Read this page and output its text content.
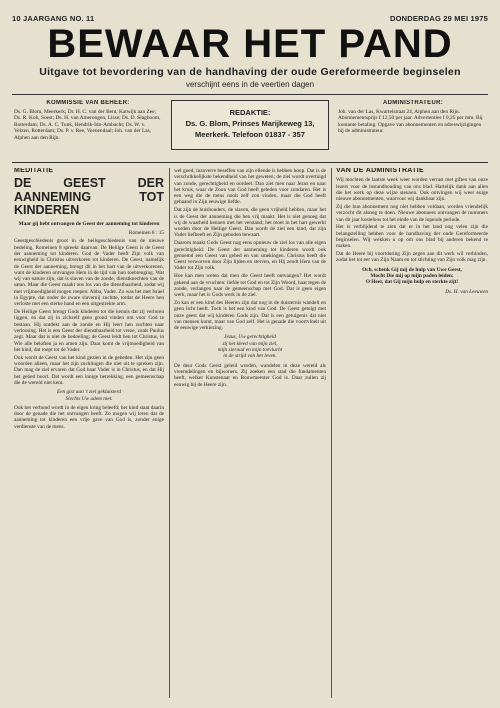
10 JAARGANG NO. 11	DONDERDAG 29 MEI 1975
BEWAAR HET PAND
Uitgave tot bevordering van de handhaving der oude Gereformeerde beginselen
verschijnt eens in de veertien dagen
KOMMISSIE VAN BEHEER:
Ds. G. Blom, Meerkerk; Dr. H. C. van der Bent, Katwijk aan Zee; Ds. R. Kok, Soest; Ds. H. van Amerongen, Lisse; Ds. D. Slagboom, Rotterdam; Ds. A. C. Tunk, Hendrik-Ido-Ambacht; Ds. W. v. Velzen, Rotterdam; Ds. P. v. Ree, Veenendaal; Joh. van der Las, Alphen aan den Rijn.
REDAKTIE:
Ds. G. Blom, Prinses Marijkeweg 13,
Meerkerk. Telefoon 01837 - 357
ADMINISTRATEUR:
Joh. van der Las, Kwartelstraat 24, Alphen aan den Rijn. Abonnementsprijs f 12,50 per jaar. Advertenties f 0,25 per mm. Bij kontante betaling. Opgave van abonnementen en adreswijzigingen bij de administrateur.
MEDITATIE
DE GEEST DER AANNEMING TOT KINDEREN
Maar gij hebt ontvangen de Geest der aanneming tot kinderen
Romeinen 8 : 15

Geestgeschiedenis groot in de heilsgeschiedenis van de nieuwe bedeling. Romeinen 8 spreekt daarvan. De Heilige Geest is de Geest der aanneming tot kinderen. God de Vader heeft Zijn volk van eeuwigheid in Christus uitverkoren tot kinderen. De Geest, namelijk de Geest der aanneming, brengt dit in het hart van de uitverkorenen, want de kinderen ontvangen Hem in de tijd van hun toebrenging. Wat wij van nature zijn, dat is slaven van de zonde, dienstknechten van de satan. Maar die Geest maakt ons los van die dienstbaarheid, zodat wij met vrijmoedigheid mogen roepen: Abba, Vader. Zo was het met Israel in Egypte, dat onder de zware slavernij zuchtte, totdat de Heere hen verloste met een sterke hand en een uitgestrekte arm.

De Heilige Geest brengt Gods kinderen tot die kennis dat zij verloren liggen, en dat zij in zichzelf geen grond vinden om voor God te bestaan. Hij ontdekt aan de zonde en Hij leert hen zuchten naar verlossing. Het is een Geest der dienstbaarheid tot vreze, zoals Paulus zegt. Maar dat is niet de bedoeling; de Geest leidt hen tot Christus, in Wie alle beloften ja en amen zijn. Daar komt de vrijmoedigheid van het kind, dat roept tot de Vader.

Ook wordt de Geest van het kind gezien in de gebeden. Het zijn geen woorden alleen, maar het zijn zuchtingen die niet uit te spreken zijn. Dan mag de ziel ervaren dat God haar Vader is in Christus, en dat Hij het gebed hoort. Dat wordt een innige betrekking, een gemeenschap die de wereld niet kent.

Een gixt aan 't ziel gekluisterd
Slechts Uw adem niet.

Ook het verbond wordt in de eigen kring beleefd; het kind staat daarin door de genade die het ontvangen heeft. Zo mogen wij leren dat de aanneming tot kinderen een vrije gave van God is, zonder enige verdienste van de mens.

wel goed, inzoverre beseffen van zijn ellende is hebben hoop. Dat is de verschrikkelijkste bekendheid van het geweten; de ziel wordt overtuigd van zonde, gerechtigheid en oordeel. Dan ziet men naar Jezus en naar het kruis, waar de Zoon van God heeft geleden voor zondaren. Het is een weg die de mens nooit zelf zou vinden, maar die God heeft gebaand in Zijn eeuwige liefde.

Dat zijn de huishouders, de slaven, die geen vrijheid hebben, maar het is de Geest der aanneming die hen vrij maakt. Het is niet genoeg dat wij de waarheid kennen met het verstand; het moet in het hart gewerkt worden door de Heilige Geest. Dan wordt de ziel een kind, dat zijn Vader liefheeft en Zijn geboden bewaart.

Daarom maakt Gods Geest nog eens opnieuw de ziel los van alle eigen gerechtigheid. De Geest der aanneming tot kinderen wordt ook genoemd een Geest van gebed en van smekingen. Christus heeft die Geest verworven door Zijn lijden en sterven, en Hij zendt Hem van de Vader tot Zijn volk.

Hoe kan men weten dat men die Geest heeft ontvangen? Het wordt gekend aan de vruchten: liefde tot God en tot Zijn Woord, haat tegen de zonde, verlangen naar de gemeenschap met God. Dat is geen eigen werk, maar het is Gods werk in de ziel.

Zo kan er een kind des Heeren zijn dat nog in de duisternis wandelt en geen licht heeft. Toch is het een kind van God. De Geest getuigt met onze geest dat wij kinderen Gods zijn. Dat is een getuigenis dat niet van mensen komt, maar van God zelf. Het is genade die voortvloeit uit de eeuwige verkiezing.

Jezus, Uw gerechtigheid
zij het kleed van mijn ziel,
mijn sieraad en mijn toevlucht
in de strijd van het leven.

De deur Gods Geest geleid worden, wandelen in deze wereld als vreemdelingen en bijwoners. Zij zoeken een stad die fundamenten heeft, welker Kunstenaar en Bouwmeester God is. Daar zullen zij eeuwig bij de Heere zijn.

VAN DE ADMINISTRATIE

Wij mochten de laatste week weer worden verrast met giften van onze lezers voor de instandhouding van ons blad. Hartelijk dank aan allen die het werk op deze wijze steunen. Ook ontvingen wij weer enige nieuwe abonnementen, waarvoor wij dankbaar zijn.

Zij die hun abonnement nog niet hebben voldaan, worden vriendelijk verzocht dit alsnog te doen. Nieuwe abonnees ontvangen de nummers van dit jaar kosteloos tot het einde van de lopende periode.

Het is verblijdend te zien dat er in het land nog velen zijn die belangstelling hebben voor de handhaving der oude Gereformeerde beginselen. Wij wekken u op om ons blad bij anderen bekend te maken.

Dat de Heere bij voortduring Zijn zegen aan dit werk wil verbinden, zodat het tot eer van Zijn Naam en tot stichting van Zijn volk mag zijn.

Och, schenk Gij mij de hulp van Uwe Geest,
Mocht Die mij op mijn paden leiden;
O Heer, dat Gij mijn hulp en sterkte zijt!
Ds. H. van Leeuwen
